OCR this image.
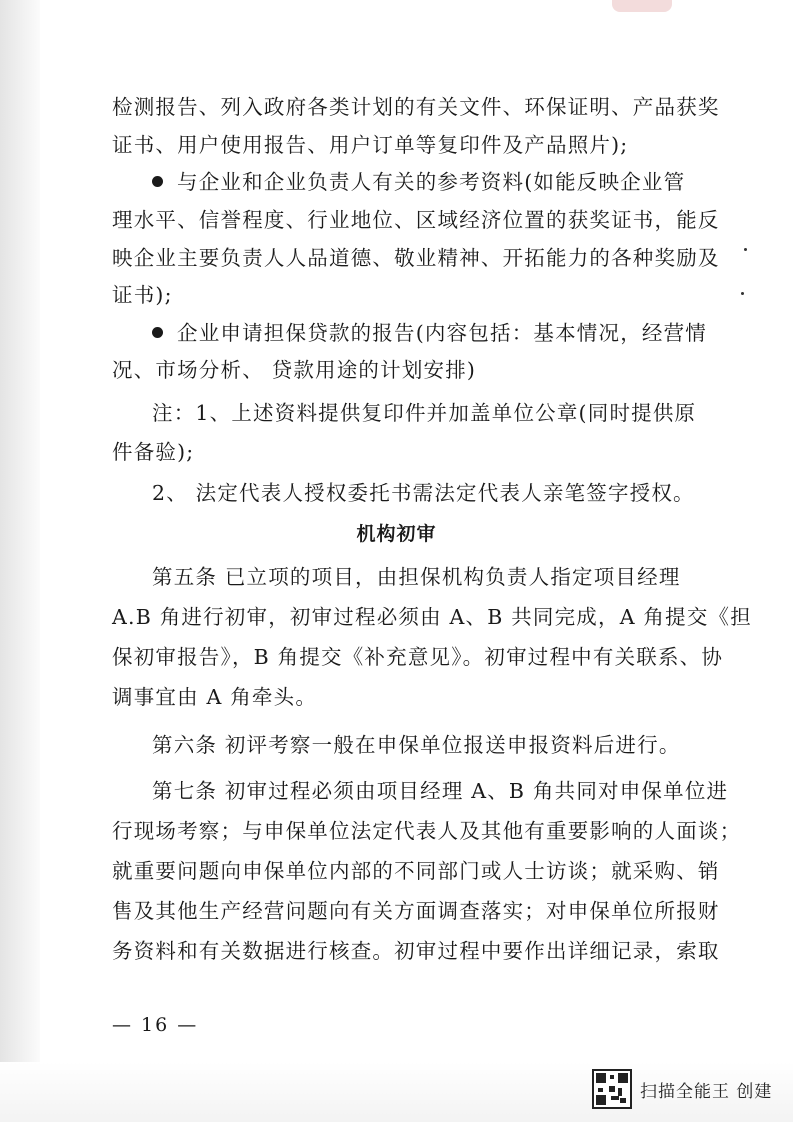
检测报告、列入政府各类计划的有关文件、环保证明、产品获奖
证书、用户使用报告、用户订单等复印件及产品照片);
与企业和企业负责人有关的参考资料(如能反映企业管
理水平、信誉程度、行业地位、区域经济位置的获奖证书，能反
映企业主要负责人人品道德、敬业精神、开拓能力的各种奖励及
证书);
企业申请担保贷款的报告(内容包括：基本情况，经营情
况、市场分析、 贷款用途的计划安排)
注：1、上述资料提供复印件并加盖单位公章(同时提供原
件备验);
2、 法定代表人授权委托书需法定代表人亲笔签字授权。
机构初审
第五条 已立项的项目，由担保机构负责人指定项目经理
A.B 角进行初审，初审过程必须由 A、B 共同完成，A 角提交《担
保初审报告》，B 角提交《补充意见》。初审过程中有关联系、协
调事宜由 A 角牵头。
第六条 初评考察一般在申保单位报送申报资料后进行。
第七条 初审过程必须由项目经理 A、B 角共同对申保单位进
行现场考察；与申保单位法定代表人及其他有重要影响的人面谈；
就重要问题向申保单位内部的不同部门或人士访谈；就采购、销
售及其他生产经营问题向有关方面调查落实；对申保单位所报财
务资料和有关数据进行核查。初审过程中要作出详细记录，索取
— 16 —
扫描全能王 创建
